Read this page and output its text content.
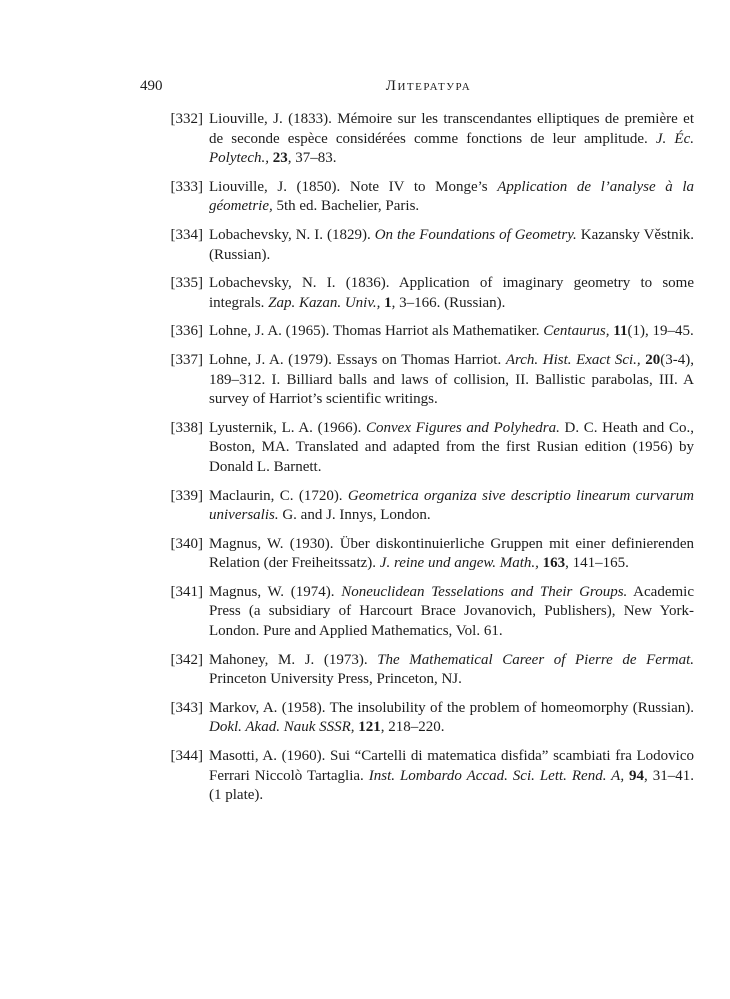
490	Литература
[332] Liouville, J. (1833). Mémoire sur les transcendantes elliptiques de première et de seconde espèce considérées comme fonctions de leur amplitude. J. Éc. Polytech., 23, 37–83.
[333] Liouville, J. (1850). Note IV to Monge’s Application de l’analyse à la géometrie, 5th ed. Bachelier, Paris.
[334] Lobachevsky, N. I. (1829). On the Foundations of Geometry. Kazansky Věstnik. (Russian).
[335] Lobachevsky, N. I. (1836). Application of imaginary geometry to some integrals. Zap. Kazan. Univ., 1, 3–166. (Russian).
[336] Lohne, J. A. (1965). Thomas Harriot als Mathematiker. Centaurus, 11(1), 19–45.
[337] Lohne, J. A. (1979). Essays on Thomas Harriot. Arch. Hist. Exact Sci., 20(3-4), 189–312. I. Billiard balls and laws of collision, II. Ballistic parabolas, III. A survey of Harriot’s scientific writings.
[338] Lyusternik, L. A. (1966). Convex Figures and Polyhedra. D. C. Heath and Co., Boston, MA. Translated and adapted from the first Rusian edition (1956) by Donald L. Barnett.
[339] Maclaurin, C. (1720). Geometrica organiza sive descriptio linearum curvarum universalis. G. and J. Innys, London.
[340] Magnus, W. (1930). Über diskontinuierliche Gruppen mit einer definierenden Relation (der Freiheitssatz). J. reine und angew. Math., 163, 141–165.
[341] Magnus, W. (1974). Noneuclidean Tesselations and Their Groups. Academic Press (a subsidiary of Harcourt Brace Jovanovich, Publishers), New York-London. Pure and Applied Mathematics, Vol. 61.
[342] Mahoney, M. J. (1973). The Mathematical Career of Pierre de Fermat. Princeton University Press, Princeton, NJ.
[343] Markov, A. (1958). The insolubility of the problem of homeomorphy (Russian). Dokl. Akad. Nauk SSSR, 121, 218–220.
[344] Masotti, A. (1960). Sui “Cartelli di matematica disfida” scambiati fra Lodovico Ferrari Niccolò Tartaglia. Inst. Lombardo Accad. Sci. Lett. Rend. A, 94, 31–41. (1 plate).
